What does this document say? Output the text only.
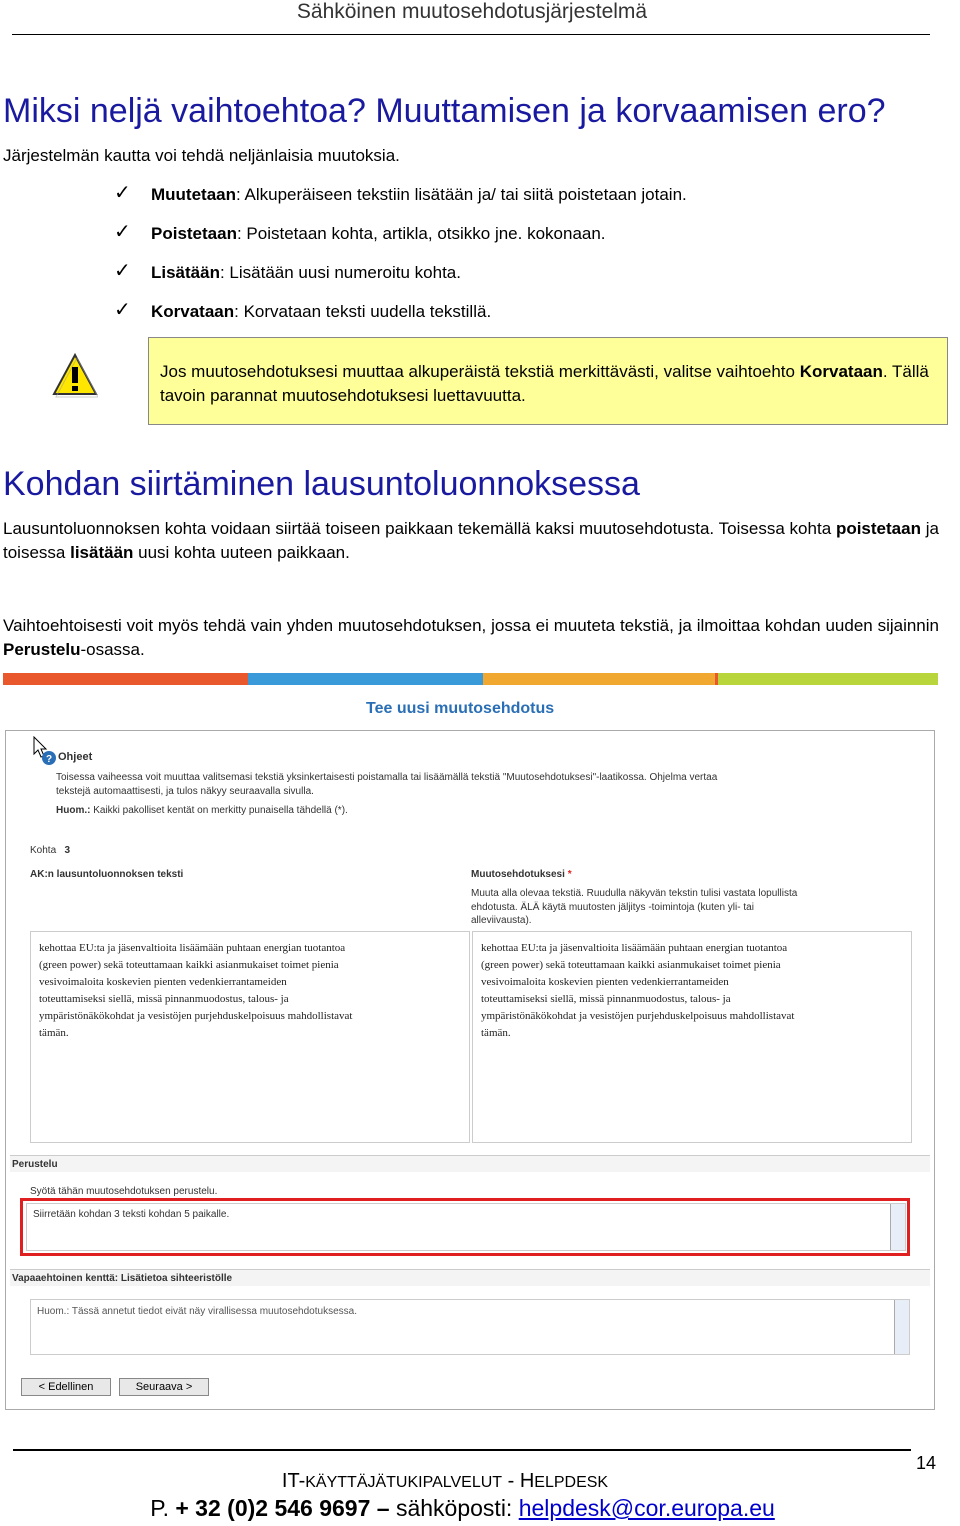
Sähköinen muutosehdotusjärjestelmä
Miksi neljä vaihtoehtoa? Muuttamisen ja korvaamisen ero?
Järjestelmän kautta voi tehdä neljänlaisia muutoksia.
✓ Muutetaan: Alkuperäiseen tekstiin lisätään ja/ tai siitä poistetaan jotain.
✓ Poistetaan: Poistetaan kohta, artikla, otsikko jne. kokonaan.
✓ Lisätään: Lisätään uusi numeroitu kohta.
✓ Korvataan: Korvataan teksti uudella tekstillä.
Jos muutosehdotuksesi muuttaa alkuperäistä tekstiä merkittävästi, valitse vaihtoehto Korvataan. Tällä tavoin parannat muutosehdotuksesi luettavuutta.
Kohdan siirtäminen lausuntoluonnoksessa
Lausuntoluonnoksen kohta voidaan siirtää toiseen paikkaan tekemällä kaksi muutosehdotusta. Toisessa kohta poistetaan ja toisessa lisätään uusi kohta uuteen paikkaan.
Vaihtoehtoisesti voit myös tehdä vain yhden muutosehdotuksen, jossa ei muuteta tekstiä, ja ilmoittaa kohdan uuden sijainnin Perustelu-osassa.
Tee uusi muutosehdotus
? Ohjeet
Toisessa vaiheessa voit muuttaa valitsemasi tekstiä yksinkertaisesti poistamalla tai lisäämällä tekstiä "Muutosehdotuksesi"-laatikossa. Ohjelma vertaa
tekstejä automaattisesti, ja tulos näkyy seuraavalla sivulla.
Huom.: Kaikki pakolliset kentät on merkitty punaisella tähdellä (*).
Kohta 3
AK:n lausuntoluonnoksen teksti	Muutosehdotuksesi *
Muuta alla olevaa tekstiä. Ruudulla näkyvän tekstin tulisi vastata lopullista
ehdotusta. ÄLÄ käytä muutosten jäljitys -toimintoja (kuten yli- tai
alleviivausta).
kehottaa EU:ta ja jäsenvaltioita lisäämään puhtaan energian tuotantoa
(green power) sekä toteuttamaan kaikki asianmukaiset toimet pienia
vesivoimaloita koskevien pienten vedenkierrantameiden
toteuttamiseksi siellä, missä pinnanmuodostus, talous- ja
ympäristönäkökohdat ja vesistöjen purjehduskelpoisuus mahdollistavat
tämän.
kehottaa EU:ta ja jäsenvaltioita lisäämään puhtaan energian tuotantoa
(green power) sekä toteuttamaan kaikki asianmukaiset toimet pienia
vesivoimaloita koskevien pienten vedenkierrantameiden
toteuttamiseksi siellä, missä pinnanmuodostus, talous- ja
ympäristönäkökohdat ja vesistöjen purjehduskelpoisuus mahdollistavat
tämän.
Perustelu
Syötä tähän muutosehdotuksen perustelu.
Siirretään kohdan 3 teksti kohdan 5 paikalle.
Vapaaehtoinen kenttä: Lisätietoa sihteeristölle
Huom.: Tässä annetut tiedot eivät näy virallisessa muutosehdotuksessa.
< Edellinen	Seuraava >
14
IT-KÄYTTÄJÄTUKIPALVELUT - HELPDESK
P. + 32 (0)2 546 9697 – sähköposti: helpdesk@cor.europa.eu
